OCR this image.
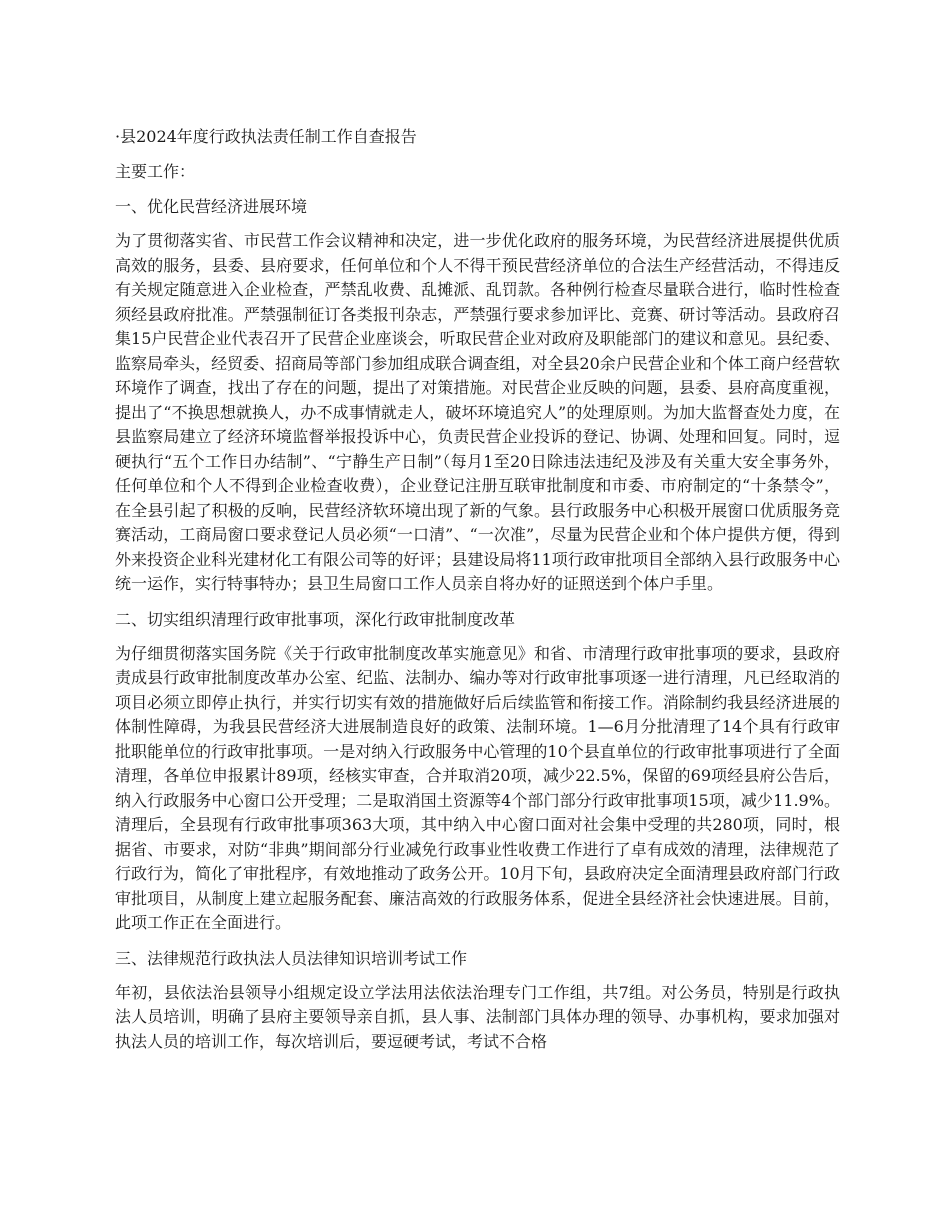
·县2024年度行政执法责任制工作自查报告

主要工作：

一、优化民营经济进展环境

为了贯彻落实省、市民营工作会议精神和决定，进一步优化政府的服务环境，为民营经济进展提供优质高效的服务，县委、县府要求，任何单位和个人不得干预民营经济单位的合法生产经营活动，不得违反有关规定随意进入企业检查，严禁乱收费、乱摊派、乱罚款。各种例行检查尽量联合进行，临时性检查须经县政府批准。严禁强制征订各类报刊杂志，严禁强行要求参加评比、竞赛、研讨等活动。县政府召集15户民营企业代表召开了民营企业座谈会，听取民营企业对政府及职能部门的建议和意见。县纪委、监察局牵头，经贸委、招商局等部门参加组成联合调查组，对全县20余户民营企业和个体工商户经营软环境作了调查，找出了存在的问题，提出了对策措施。对民营企业反映的问题，县委、县府高度重视，提出了“不换思想就换人，办不成事情就走人，破坏环境追究人”的处理原则。为加大监督查处力度，在县监察局建立了经济环境监督举报投诉中心，负责民营企业投诉的登记、协调、处理和回复。同时，逗硬执行“五个工作日办结制”、“宁静生产日制”（每月1至20日除违法违纪及涉及有关重大安全事务外，任何单位和个人不得到企业检查收费），企业登记注册互联审批制度和市委、市府制定的“十条禁令”，在全县引起了积极的反响，民营经济软环境出现了新的气象。县行政服务中心积极开展窗口优质服务竞赛活动，工商局窗口要求登记人员必须“一口清”、“一次准”，尽量为民营企业和个体户提供方便，得到外来投资企业科光建材化工有限公司等的好评；县建设局将11项行政审批项目全部纳入县行政服务中心统一运作，实行特事特办；县卫生局窗口工作人员亲自将办好的证照送到个体户手里。

二、切实组织清理行政审批事项，深化行政审批制度改革

为仔细贯彻落实国务院《关于行政审批制度改革实施意见》和省、市清理行政审批事项的要求，县政府责成县行政审批制度改革办公室、纪监、法制办、编办等对行政审批事项逐一进行清理，凡已经取消的项目必须立即停止执行，并实行切实有效的措施做好后后续监管和衔接工作。消除制约我县经济进展的体制性障碍，为我县民营经济大进展制造良好的政策、法制环境。1—6月分批清理了14个具有行政审批职能单位的行政审批事项。一是对纳入行政服务中心管理的10个县直单位的行政审批事项进行了全面清理，各单位申报累计89项，经核实审查，合并取消20项，减少22.5%，保留的69项经县府公告后，纳入行政服务中心窗口公开受理；二是取消国土资源等4个部门部分行政审批事项15项，减少11.9%。清理后，全县现有行政审批事项363大项，其中纳入中心窗口面对社会集中受理的共280项，同时，根据省、市要求，对防“非典”期间部分行业减免行政事业性收费工作进行了卓有成效的清理，法律规范了行政行为，简化了审批程序，有效地推动了政务公开。10月下旬，县政府决定全面清理县政府部门行政审批项目，从制度上建立起服务配套、廉洁高效的行政服务体系，促进全县经济社会快速进展。目前，此项工作正在全面进行。

三、法律规范行政执法人员法律知识培训考试工作

年初，县依法治县领导小组规定设立学法用法依法治理专门工作组，共7组。对公务员，特别是行政执法人员培训，明确了县府主要领导亲自抓，县人事、法制部门具体办理的领导、办事机构，要求加强对执法人员的培训工作，每次培训后，要逗硬考试，考试不合格
